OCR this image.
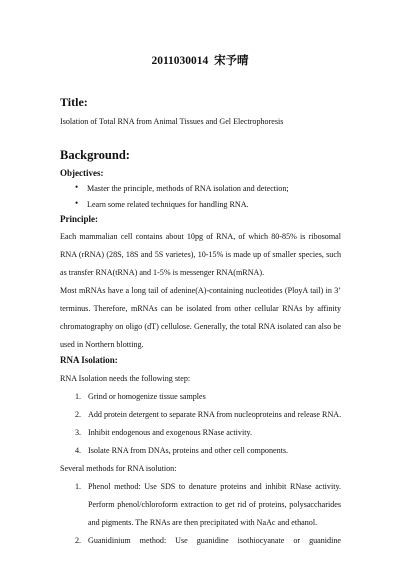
2011030014 宋予晴

Title:

Isolation of Total RNA from Animal Tissues and Gel Electrophoresis

Background:

Objectives:

• Master the principle, methods of RNA isolation and detection;

• Learn some related techniques for handling RNA.

Principle:

Each mammalian cell contains about 10pg of RNA, of which 80-85% is ribosomal

RNA (rRNA) (28S, 18S and 5S varietes), 10-15% is made up of smaller species, such

as transfer RNA(tRNA) and 1-5% is messenger RNA(mRNA).

Most mRNAs have a long tail of adenine(A)-containing nucleotides (PloyA tail) in 3’

terminus. Therefore, mRNAs can be isolated from other cellular RNAs by affinity

chromatography on oligo (dT) cellulose. Generally, the total RNA isolated can also be

used in Northern blotting.

RNA Isolation:

RNA Isolation needs the following step:

1. Grind or homogenize tissue samples

2. Add protein detergent to separate RNA from nucleoproteins and release RNA.

3. Inhibit endogenous and exogenous RNase activity.

4. Isolate RNA from DNAs, proteins and other cell components.

Several methods for RNA isolution:

1. Phenol method: Use SDS to denature proteins and inhibit RNase activity.

Perform phenol/chloroform extraction to get rid of proteins, polysaccharides

and pigments. The RNAs are then precipitated with NaAc and ethanol.

2. Guanidinium method: Use guanidine isothiocyanate or guanidine
